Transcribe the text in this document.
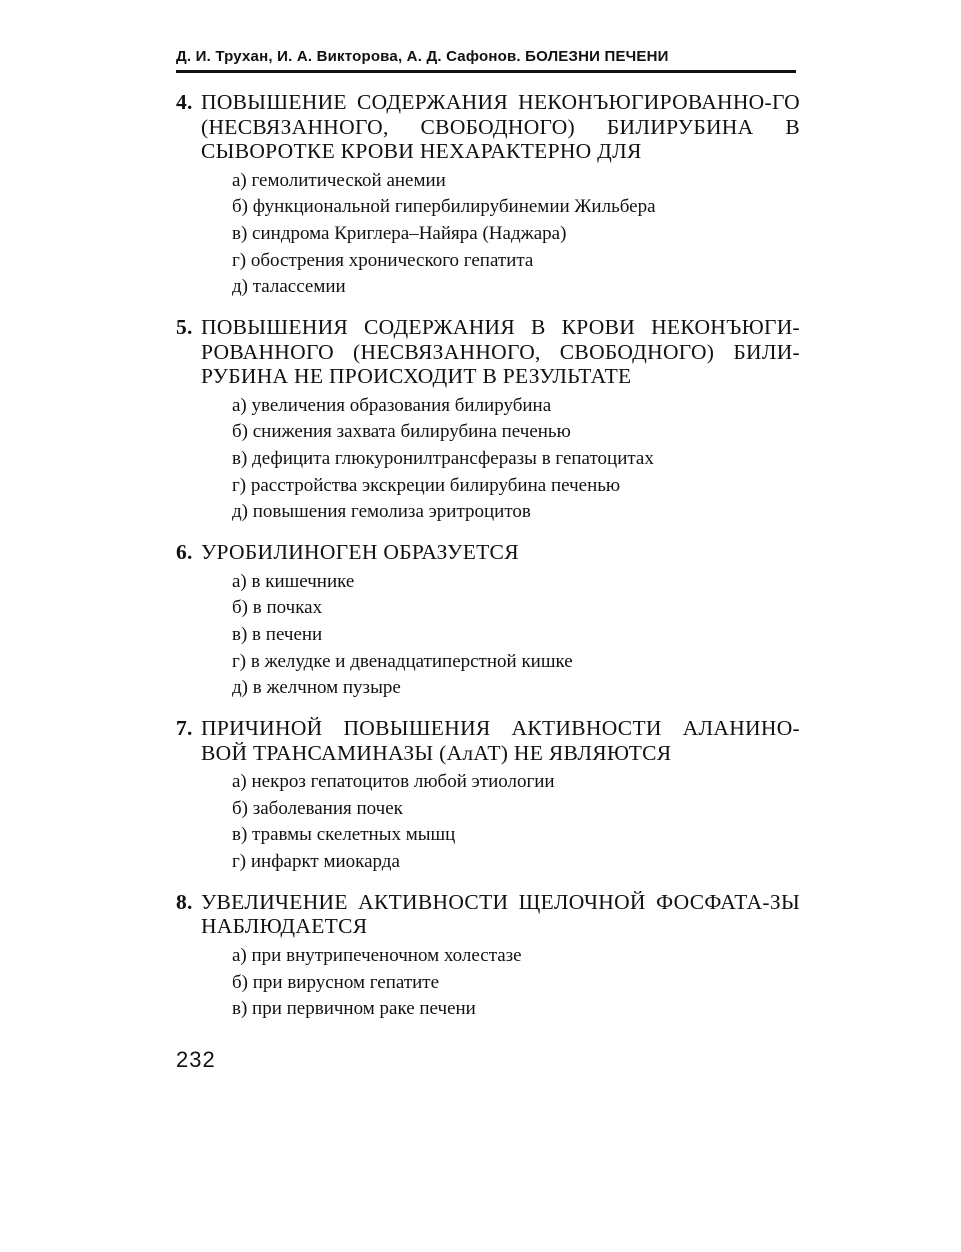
Д. И. Трухан, И. А. Викторова, А. Д. Сафонов. БОЛЕЗНИ ПЕЧЕНИ
4. ПОВЫШЕНИЕ СОДЕРЖАНИЯ НЕКОНЪЮГИРОВАННО-ГО (НЕСВЯЗАННОГО, СВОБОДНОГО) БИЛИРУБИНА В СЫВОРОТКЕ КРОВИ НЕХАРАКТЕРНО ДЛЯ
а) гемолитической анемии
б) функциональной гипербилирубинемии Жильбера
в) синдрома Криглера–Найяра (Наджара)
г) обострения хронического гепатита
д) талассемии
5. ПОВЫШЕНИЯ СОДЕРЖАНИЯ В КРОВИ НЕКОНЪЮГИ-РОВАННОГО (НЕСВЯЗАННОГО, СВОБОДНОГО) БИЛИ-РУБИНА НЕ ПРОИСХОДИТ В РЕЗУЛЬТАТЕ
а) увеличения образования билирубина
б) снижения захвата билирубина печенью
в) дефицита глюкуронилтрансферазы в гепатоцитах
г) расстройства экскреции билирубина печенью
д) повышения гемолиза эритроцитов
6. УРОБИЛИНОГЕН ОБРАЗУЕТСЯ
а) в кишечнике
б) в почках
в) в печени
г) в желудке и двенадцатиперстной кишке
д) в желчном пузыре
7. ПРИЧИНОЙ ПОВЫШЕНИЯ АКТИВНОСТИ АЛАНИНО-ВОЙ ТРАНСАМИНАЗЫ (АлАТ) НЕ ЯВЛЯЮТСЯ
а) некроз гепатоцитов любой этиологии
б) заболевания почек
в) травмы скелетных мышц
г) инфаркт миокарда
8. УВЕЛИЧЕНИЕ АКТИВНОСТИ ЩЕЛОЧНОЙ ФОСФАТА-ЗЫ НАБЛЮДАЕТСЯ
а) при внутрипеченочном холестазе
б) при вирусном гепатите
в) при первичном раке печени
232
